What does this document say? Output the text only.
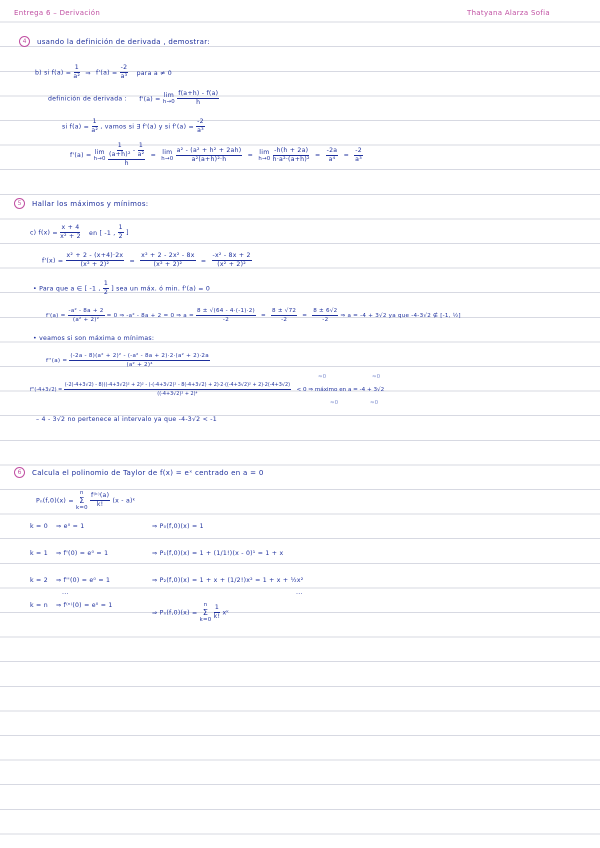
Entrega 6 – Derivación	Thatyana Alarza Sofia
4	usando la definición de derivada , demostrar:
b) si $f(a) = \frac{1}{\text{a²}}$ ⇒ $f'(a) = \frac{-2}{\text{a³}}$ para a ≠ 0
definición de derivada : f'(a) = lim
h→0
$\frac{f(a+h) - f(a)}{h}$
si $f(a) = \frac{1}{\text{a²}}$ , vamos si ∃ f'(a) y si $f'(a) = \frac{-2}{\text{a³}}$
f'(a) = lim
h→0
$\frac{\frac{1}{\text{(a+h)²}} - \frac{1}{\text{a²}}}{h} = \lim$
h→0
$\frac{\text{a² - (a² + h² + 2ah)}}{\text{a²(a+h)²·h}} = \lim$
h→0
$\frac{-h(h + 2a)}{\text{h·a²·(a+h)²}} = \frac{-2a}{\text{a⁴}} = \frac{-2}{\text{a³}}$
5	Hallar los máximos y mínimos:
c) $f(x) = \frac{x + 4}{\text{x² + 2}}$ en [ -1 , $\frac{1}{2}$ ]
$f'(x) = \frac{\text{x² + 2 - (x+4)·2x}}{\text{(x² + 2)²}} = \frac{\text{x² + 2 - 2x² - 8x}}{\text{(x² + 2)²}} = \frac{\text{-x² - 8x + 2}}{\text{(x² + 2)²}}$
• Para que a ∈ [ -1 , $\frac{1}{2}$ ] sea un máx. ó min. f'(a) = 0
$f'(a) = \frac{\text{-a² - 8a + 2}}{\text{(a² + 2)²}} = 0$ ⇒ -a² - 8a + 2 = 0 ⇒ $a = \frac{8 \pm √(64 - 4\cdot(-1)\cdot 2)}{-2} = \frac{8 \pm √72}{-2} = \frac{8 \pm 6√2}{-2}$ ⇒ a = -4 + 3√2 ya que -4-3√2 ∉ [-1, ½]
• veamos si son máxima o mínimas:
$f''(a) = \frac{\text{(-2a - 8)(a² + 2)² - (-a² - 8a + 2)·2·(a² + 2)·2a}}{\text{(a² + 2)⁴}}$
≈0	≈0
≈0	≈0
f''(-4+3√2) =
(-2(-4+3√2) - 8)((-4+3√2)² + 2)² - (-(-4+3√2)² - 8(-4+3√2) + 2)·2·((-4+3√2)² + 2)·2(-4+3√2)
((-4+3√2)² + 2)⁴
< 0 ⇒ máximo en a = -4 + 3√2
– 4 - 3√2 no pertenece al intervalo ya que -4-3√2 < -1
6	Calcula el polinomio de Taylor de f(x) = eˣ centrado en a = 0
Pₙ(f,0)(x) =
n
Σ
k=0
$\frac{\text{f⁽ᵏ⁾(a)}}{k!} (x$ - a)ᵏ
k = 0 ⇒ e⁰ = 1	⇒ P₀(f,0)(x) = 1
k = 1 ⇒ f'(0) = e⁰ = 1	⇒ P₁(f,0)(x) = 1 + (1/1!)(x - 0)¹ = 1 + x
k = 2 ⇒ f''(0) = e⁰ = 1	⇒ P₂(f,0)(x) = 1 + x + (1/2!)x² = 1 + x + ½x²
...	...
k = n ⇒ f⁽ⁿ⁾(0) = e⁰ = 1
⇒ Pₙ(f,0)(x) =
n
Σ
k=0
$\frac{1}{k!}$ xᵏ
